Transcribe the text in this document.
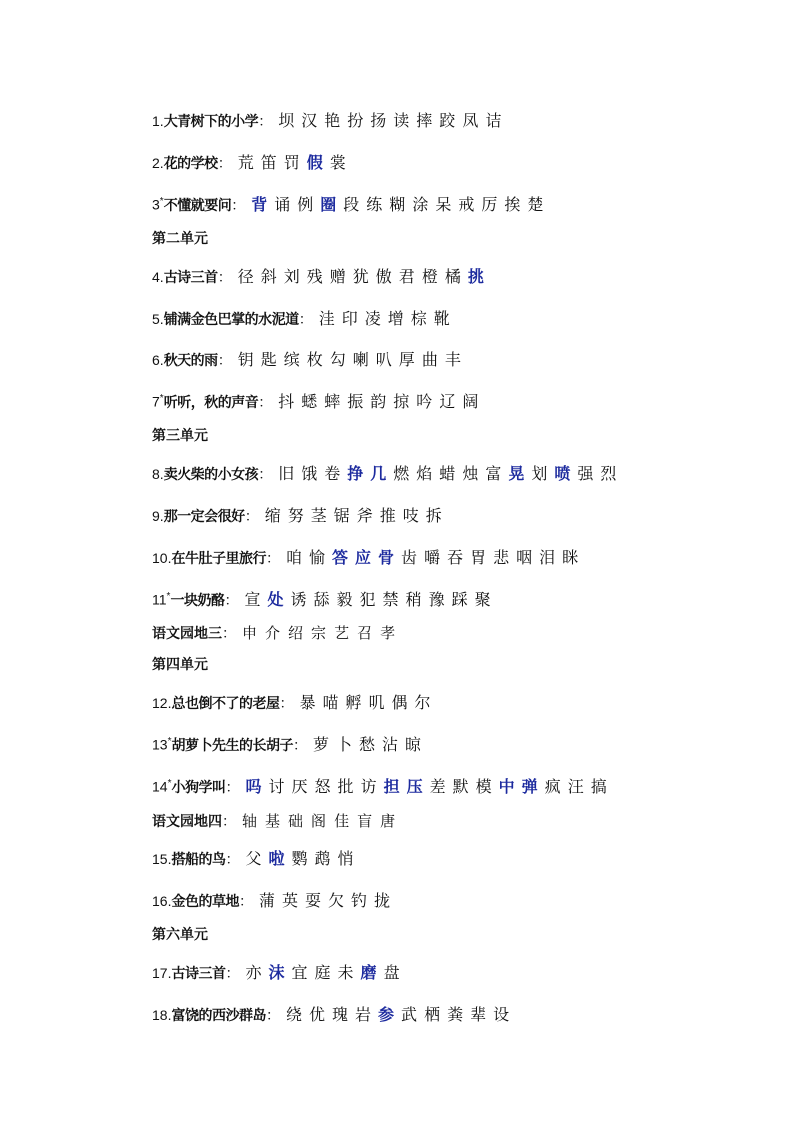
1. 大青树下的小学 ： 坝 汉 艳 扮 扬 读 摔 跤 凤 诘
2. 花的学校 ： 荒 笛 罚 假 裳
3* 不懂就要问 ： 背 诵 例 圈 段 练 糊 涂 呆 戒 厉 挨 楚
第二单元
4. 古诗三首 ： 径 斜 刘 残 赠 犹 傲 君 橙 橘 挑
5. 铺满金色巴掌的水泥道 ： 洼 印 凌 增 棕 靴
6. 秋天的雨 ： 钥 匙 缤 枚 勾 喇 叭 厚 曲 丰
7* 听听，秋的声音 ： 抖 蟋 蟀 振 韵 掠 吟 辽 阔
第三单元
8. 卖火柴的小女孩 ： 旧 饿 卷 挣 几 燃 焰 蜡 烛 富 晃 划 喷 强 烈
9. 那一定会很好 ： 缩 努 茎 锯 斧 推 吱 拆
10. 在牛肚子里旅行 ： 咱 愉 答 应 骨 齿 嚼 吞 胃 悲 咽 泪 眯
11* 一块奶酪 ： 宣 处 诱 舔 毅 犯 禁 稍 豫 踩 聚
语文园地三 ： 申 介 绍 宗 艺 召 孝
第四单元
12. 总也倒不了的老屋 ： 暴 喵 孵 叽 偶 尔
13* 胡萝卜先生的长胡子 ： 萝 卜 愁 沾 晾
14* 小狗学叫 ： 吗 讨 厌 怒 批 访 担 压 差 默 模 中 弹 疯 汪 搞
语文园地四 ： 轴 基 础 阁 佳 盲 唐
15. 搭船的鸟 ： 父 啦 鹦 鹉 悄
16. 金色的草地 ： 蒲 英 耍 欠 钓 拢
第六单元
17. 古诗三首 ： 亦 沫 宜 庭 未 磨 盘
18. 富饶的西沙群岛 ： 绕 优 瑰 岩 参 武 栖 粪 辈 设
